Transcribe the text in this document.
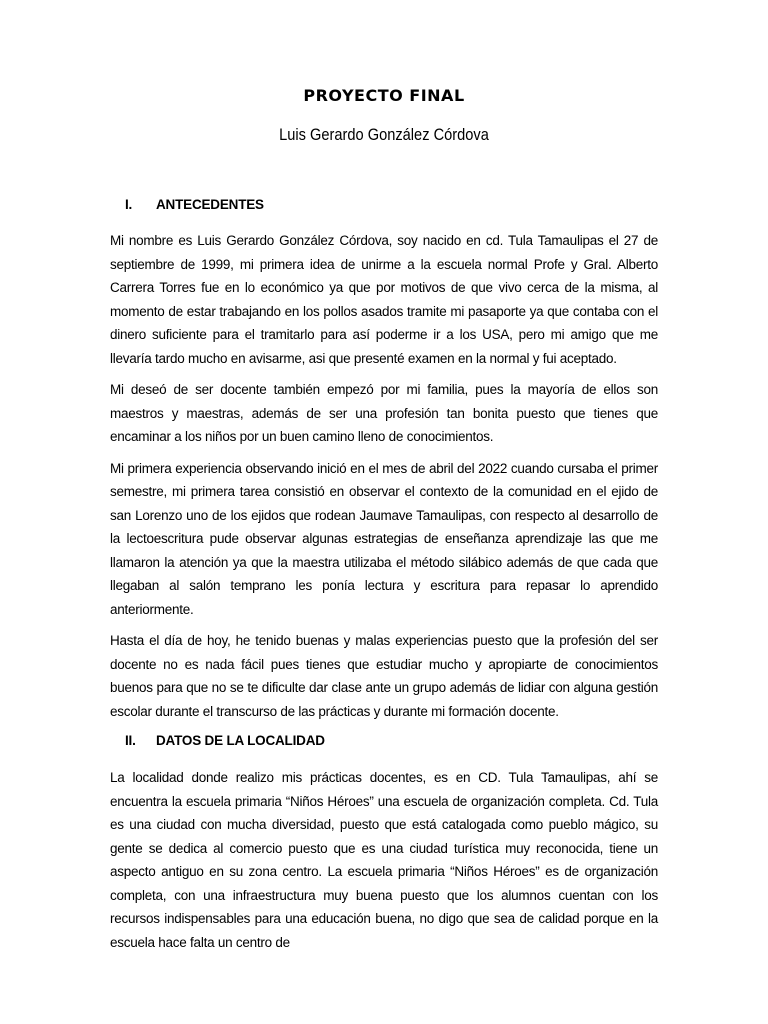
PROYECTO FINAL
Luis Gerardo González Córdova
I.	ANTECEDENTES

Mi nombre es Luis Gerardo González Córdova, soy nacido en cd. Tula Tamaulipas el 27 de septiembre de 1999, mi primera idea de unirme a la escuela normal Profe y Gral. Alberto Carrera Torres fue en lo económico ya que por motivos de que vivo cerca de la misma, al momento de estar trabajando en los pollos asados tramite mi pasaporte ya que contaba con el dinero suficiente para el tramitarlo para así poderme ir a los USA, pero mi amigo que me llevaría tardo mucho en avisarme, asi que presenté examen en la normal y fui aceptado.

Mi deseó de ser docente también empezó por mi familia, pues la mayoría de ellos son maestros y maestras, además de ser una profesión tan bonita puesto que tienes que encaminar a los niños por un buen camino lleno de conocimientos.

Mi primera experiencia observando inició en el mes de abril del 2022 cuando cursaba el primer semestre, mi primera tarea consistió en observar el contexto de la comunidad en el ejido de san Lorenzo uno de los ejidos que rodean Jaumave Tamaulipas, con respecto al desarrollo de la lectoescritura pude observar algunas estrategias de enseñanza aprendizaje las que me llamaron la atención ya que la maestra utilizaba el método silábico además de que cada que llegaban al salón temprano les ponía lectura y escritura para repasar lo aprendido anteriormente.

Hasta el día de hoy, he tenido buenas y malas experiencias puesto que la profesión del ser docente no es nada fácil pues tienes que estudiar mucho y apropiarte de conocimientos buenos para que no se te dificulte dar clase ante un grupo además de lidiar con alguna gestión escolar durante el transcurso de las prácticas y durante mi formación docente.

II.	DATOS DE LA LOCALIDAD

La localidad donde realizo mis prácticas docentes, es en CD. Tula Tamaulipas, ahí se encuentra la escuela primaria “Niños Héroes” una escuela de organización completa. Cd. Tula es una ciudad con mucha diversidad, puesto que está catalogada como pueblo mágico, su gente se dedica al comercio puesto que es una ciudad turística muy reconocida, tiene un aspecto antiguo en su zona centro. La escuela primaria “Niños Héroes” es de organización completa, con una infraestructura muy buena puesto que los alumnos cuentan con los recursos indispensables para una educación buena, no digo que sea de calidad porque en la escuela hace falta un centro de
